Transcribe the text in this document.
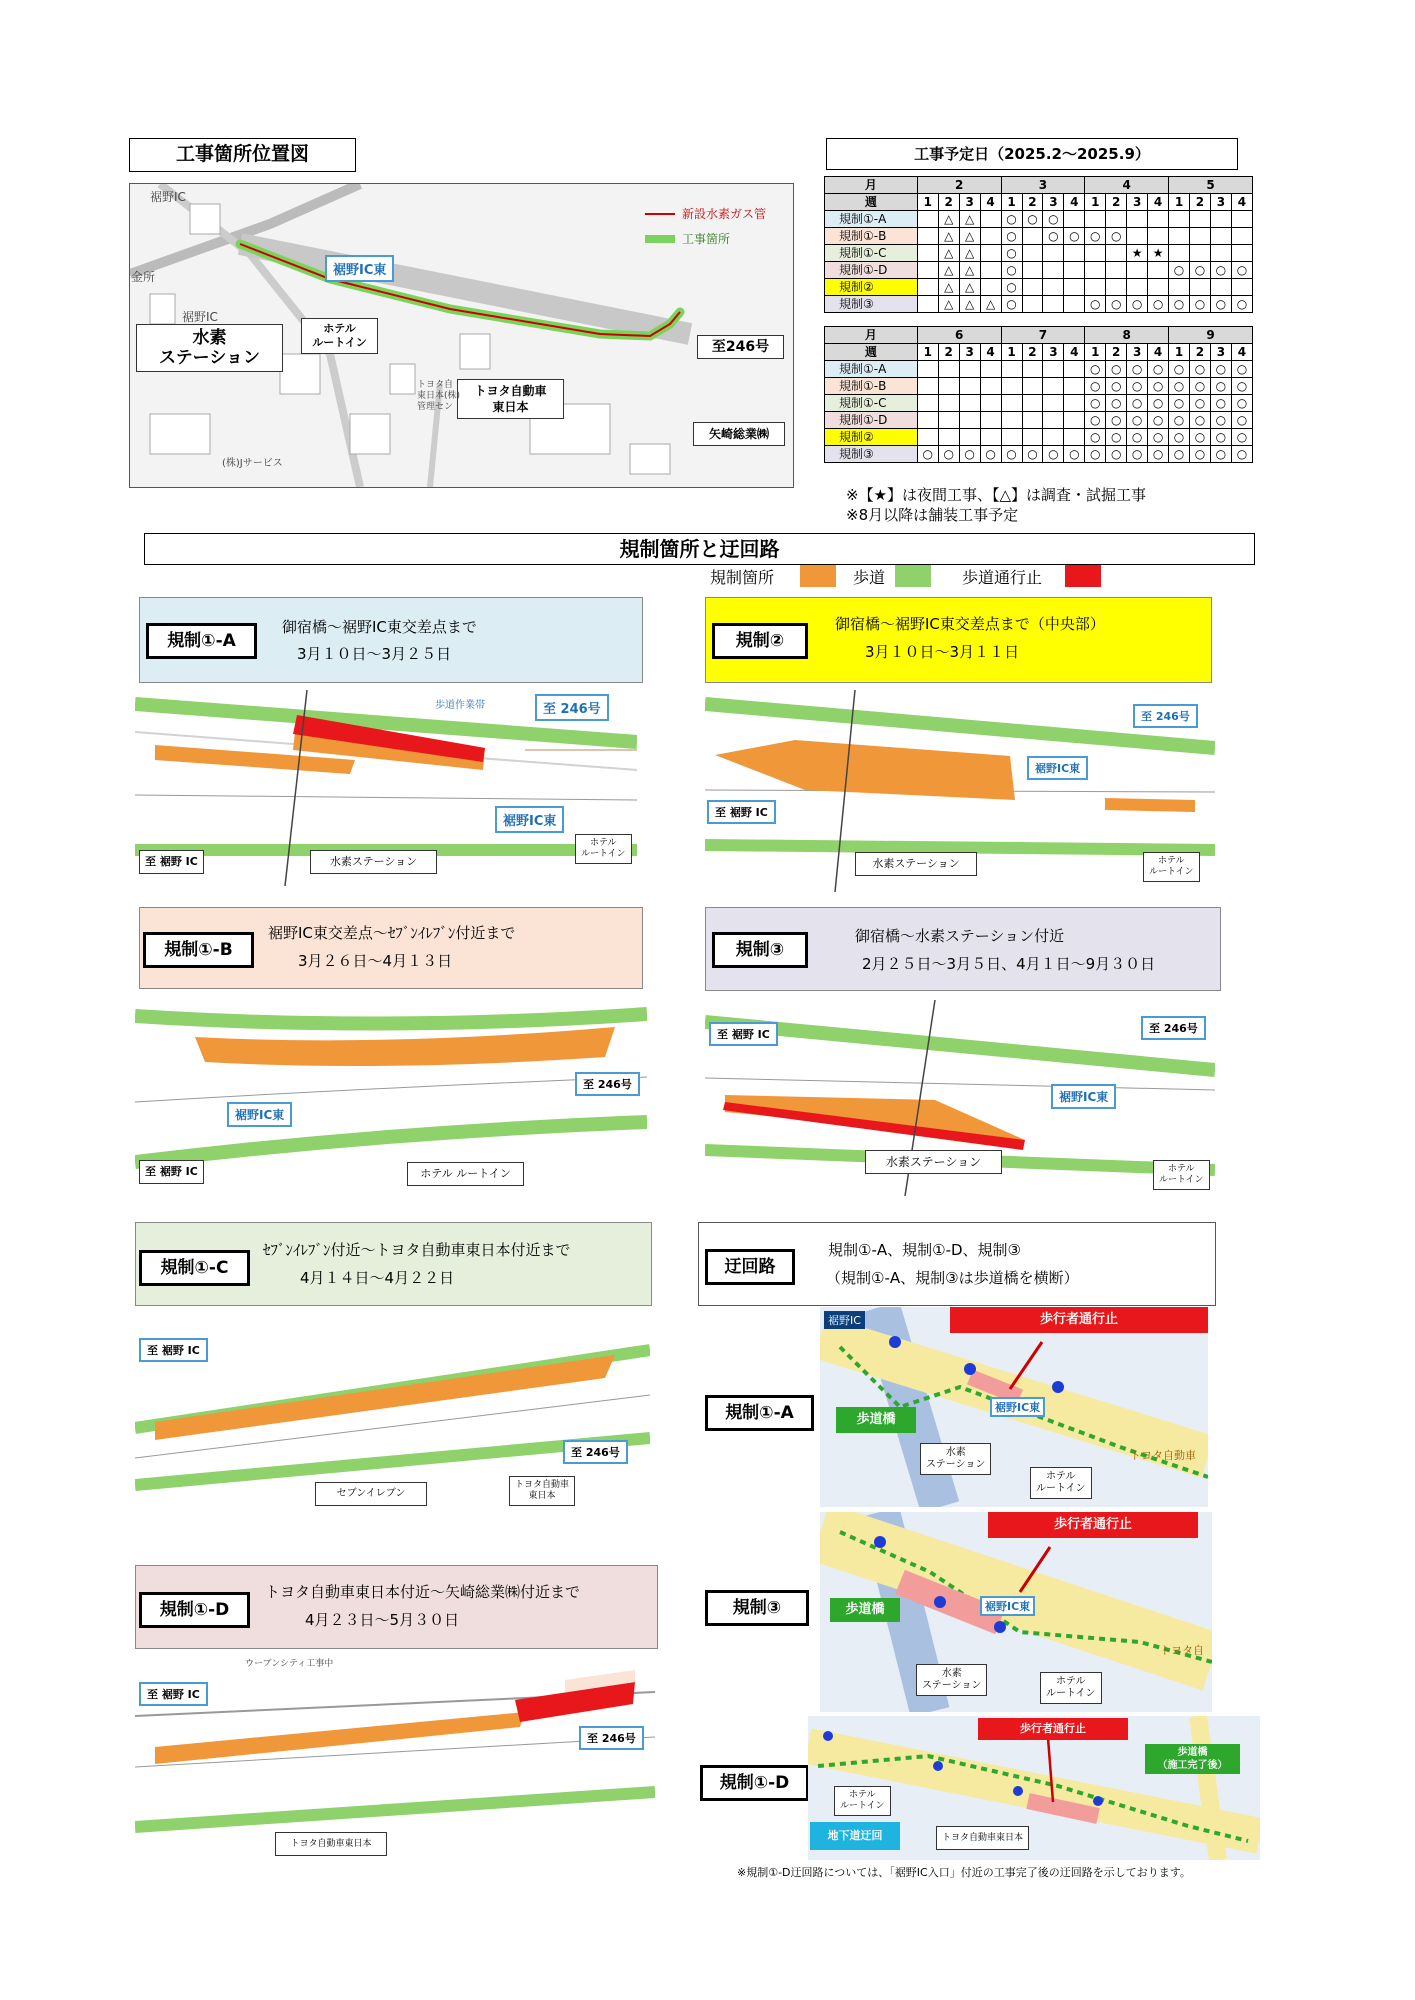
工事箇所位置図
新設水素ガス管
工事箇所
裾野IC
裾野IC
金所	裾野IC東
水素
ステーション
ホテル
ルートイン
トヨタ自動車
東日本
至246号
矢崎総業㈱
トヨタ自
東日本(株)
管理セン
(株)Jサービス
工事予定日（2025.2～2025.9）
月	2				3				4				5			
週	1	2	3	4	1	2	3	4	1	2	3	4	1	2	3	4
規制①-A		△	△		○	○	○									
規制①-B		△	△		○		○	○	○	○						
規制①-C		△	△		○						★	★				
規制①-D		△	△		○								○	○	○	○
規制②		△	△		○											
規制③		△	△	△	○				○	○	○	○	○	○	○	○
月	6				7				8				9			
週	1	2	3	4	1	2	3	4	1	2	3	4	1	2	3	4
規制①-A									○	○	○	○	○	○	○	○
規制①-B									○	○	○	○	○	○	○	○
規制①-C									○	○	○	○	○	○	○	○
規制①-D									○	○	○	○	○	○	○	○
規制②									○	○	○	○	○	○	○	○
規制③	○	○	○	○	○	○	○	○	○	○	○	○	○	○	○	○
※【★】は夜間工事、【△】は調査・試掘工事
※8月以降は舗装工事予定
規制箇所と迂回路
規制箇所	歩道	歩道通行止
規制①-A
御宿橋～裾野IC東交差点まで
3月１０日～3月２５日
規制②
御宿橋～裾野IC東交差点まで（中央部）
3月１０日～3月１１日
規制①-B
裾野IC東交差点～ｾﾌﾞﾝｲﾚﾌﾞﾝ付近まで
3月２６日～4月１３日
規制③
御宿橋～水素ステーション付近
2月２５日～3月５日、4月１日～9月３０日
規制①-C
ｾﾌﾞﾝｲﾚﾌﾞﾝ付近～トヨタ自動車東日本付近まで
4月１４日～4月２２日
迂回路
規制①-A、規制①-D、規制③
（規制①-A、規制③は歩道橋を横断）
規制①-D
トヨタ自動車東日本付近～矢崎総業㈱付近まで
4月２３日～5月３０日
至 246号
裾野IC東
至 裾野 IC	水素ステーション
ホテル
ルートイン
歩道作業帯
至 246号
裾野IC東
至 裾野 IC
水素ステーション	ホテル
ルートイン
至 246号
裾野IC東
至 裾野 IC	ホテル ルートイン
至 裾野 IC	至 246号
裾野IC東
水素ステーション	ホテル
ルートイン
至 裾野 IC
至 246号
セブンイレブン
トヨタ自動車
東日本
ウーブンシティ工事中
至 裾野 IC
至 246号
トヨタ自動車東日本
規制①-A
歩行者通行止
歩道橋
裾野IC
裾野IC東
水素
ステーション
ホテル
ルートイン
トヨタ自動車
規制③
歩行者通行止
歩道橋	裾野IC東
水素
ステーション	ホテル
ルートイン
トヨタ自
規制①-D
歩行者通行止
歩道橋
（施工完了後）
ホテル
ルートイン
地下道迂回	トヨタ自動車東日本
※規制①-D迂回路については、「裾野IC入口」付近の工事完了後の迂回路を示しております。
